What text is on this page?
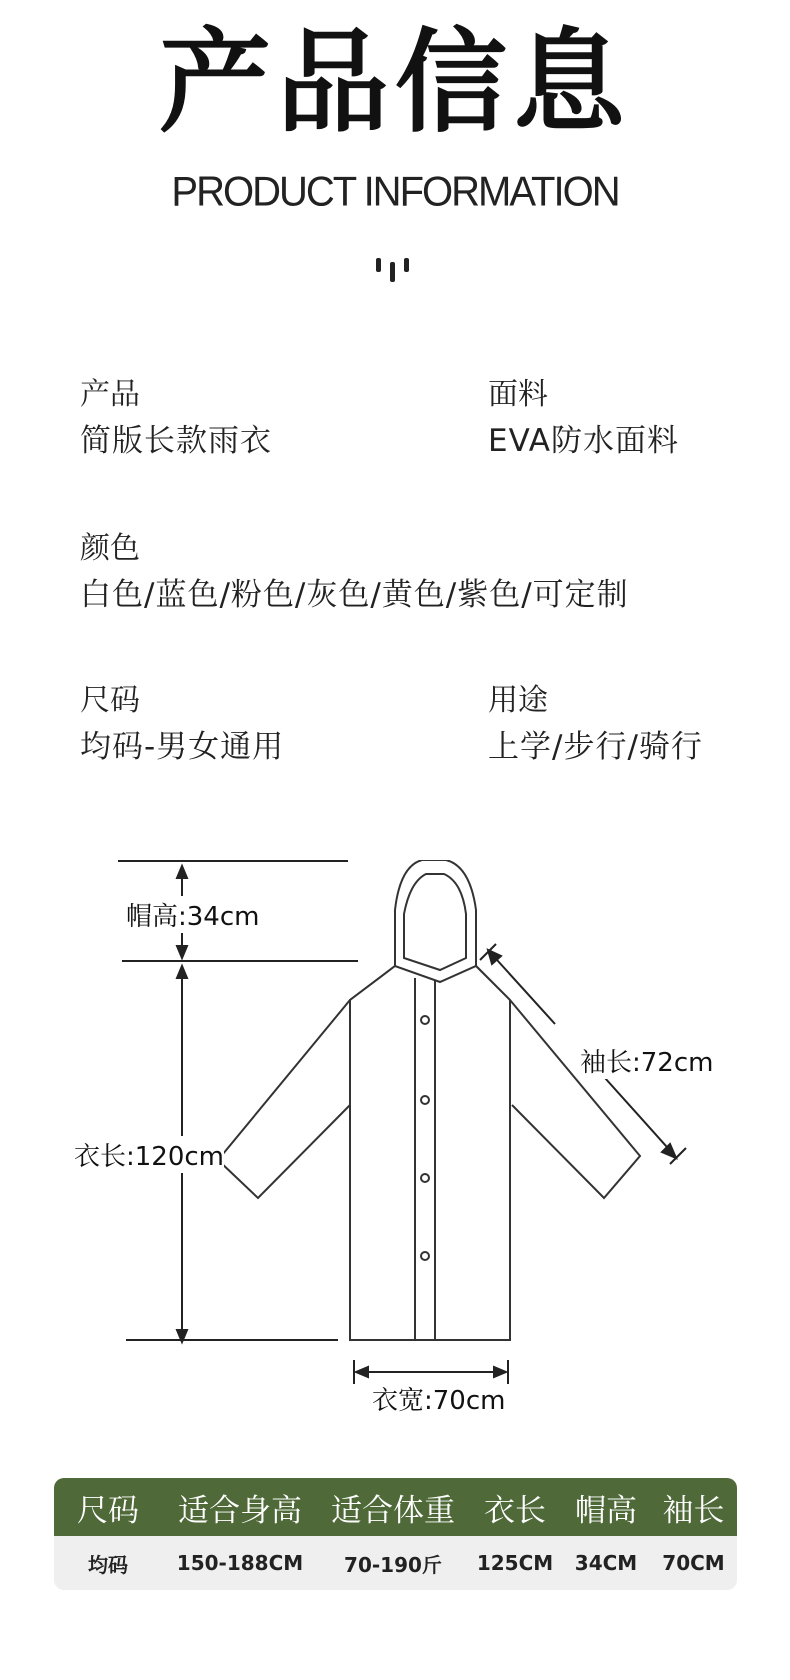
产品信息
PRODUCT INFORMATION
产品
简版长款雨衣
面料
EVA防水面料
颜色
白色/蓝色/粉色/灰色/黄色/紫色/可定制
尺码
均码-男女通用
用途
上学/步行/骑行
帽高:34cm
袖长:72cm
衣长:120cm
衣宽:70cm
尺码	适合身高 适合体重 衣长 帽高 袖长
均码	150-188CM	70-190斤	125CM	34CM	70CM
